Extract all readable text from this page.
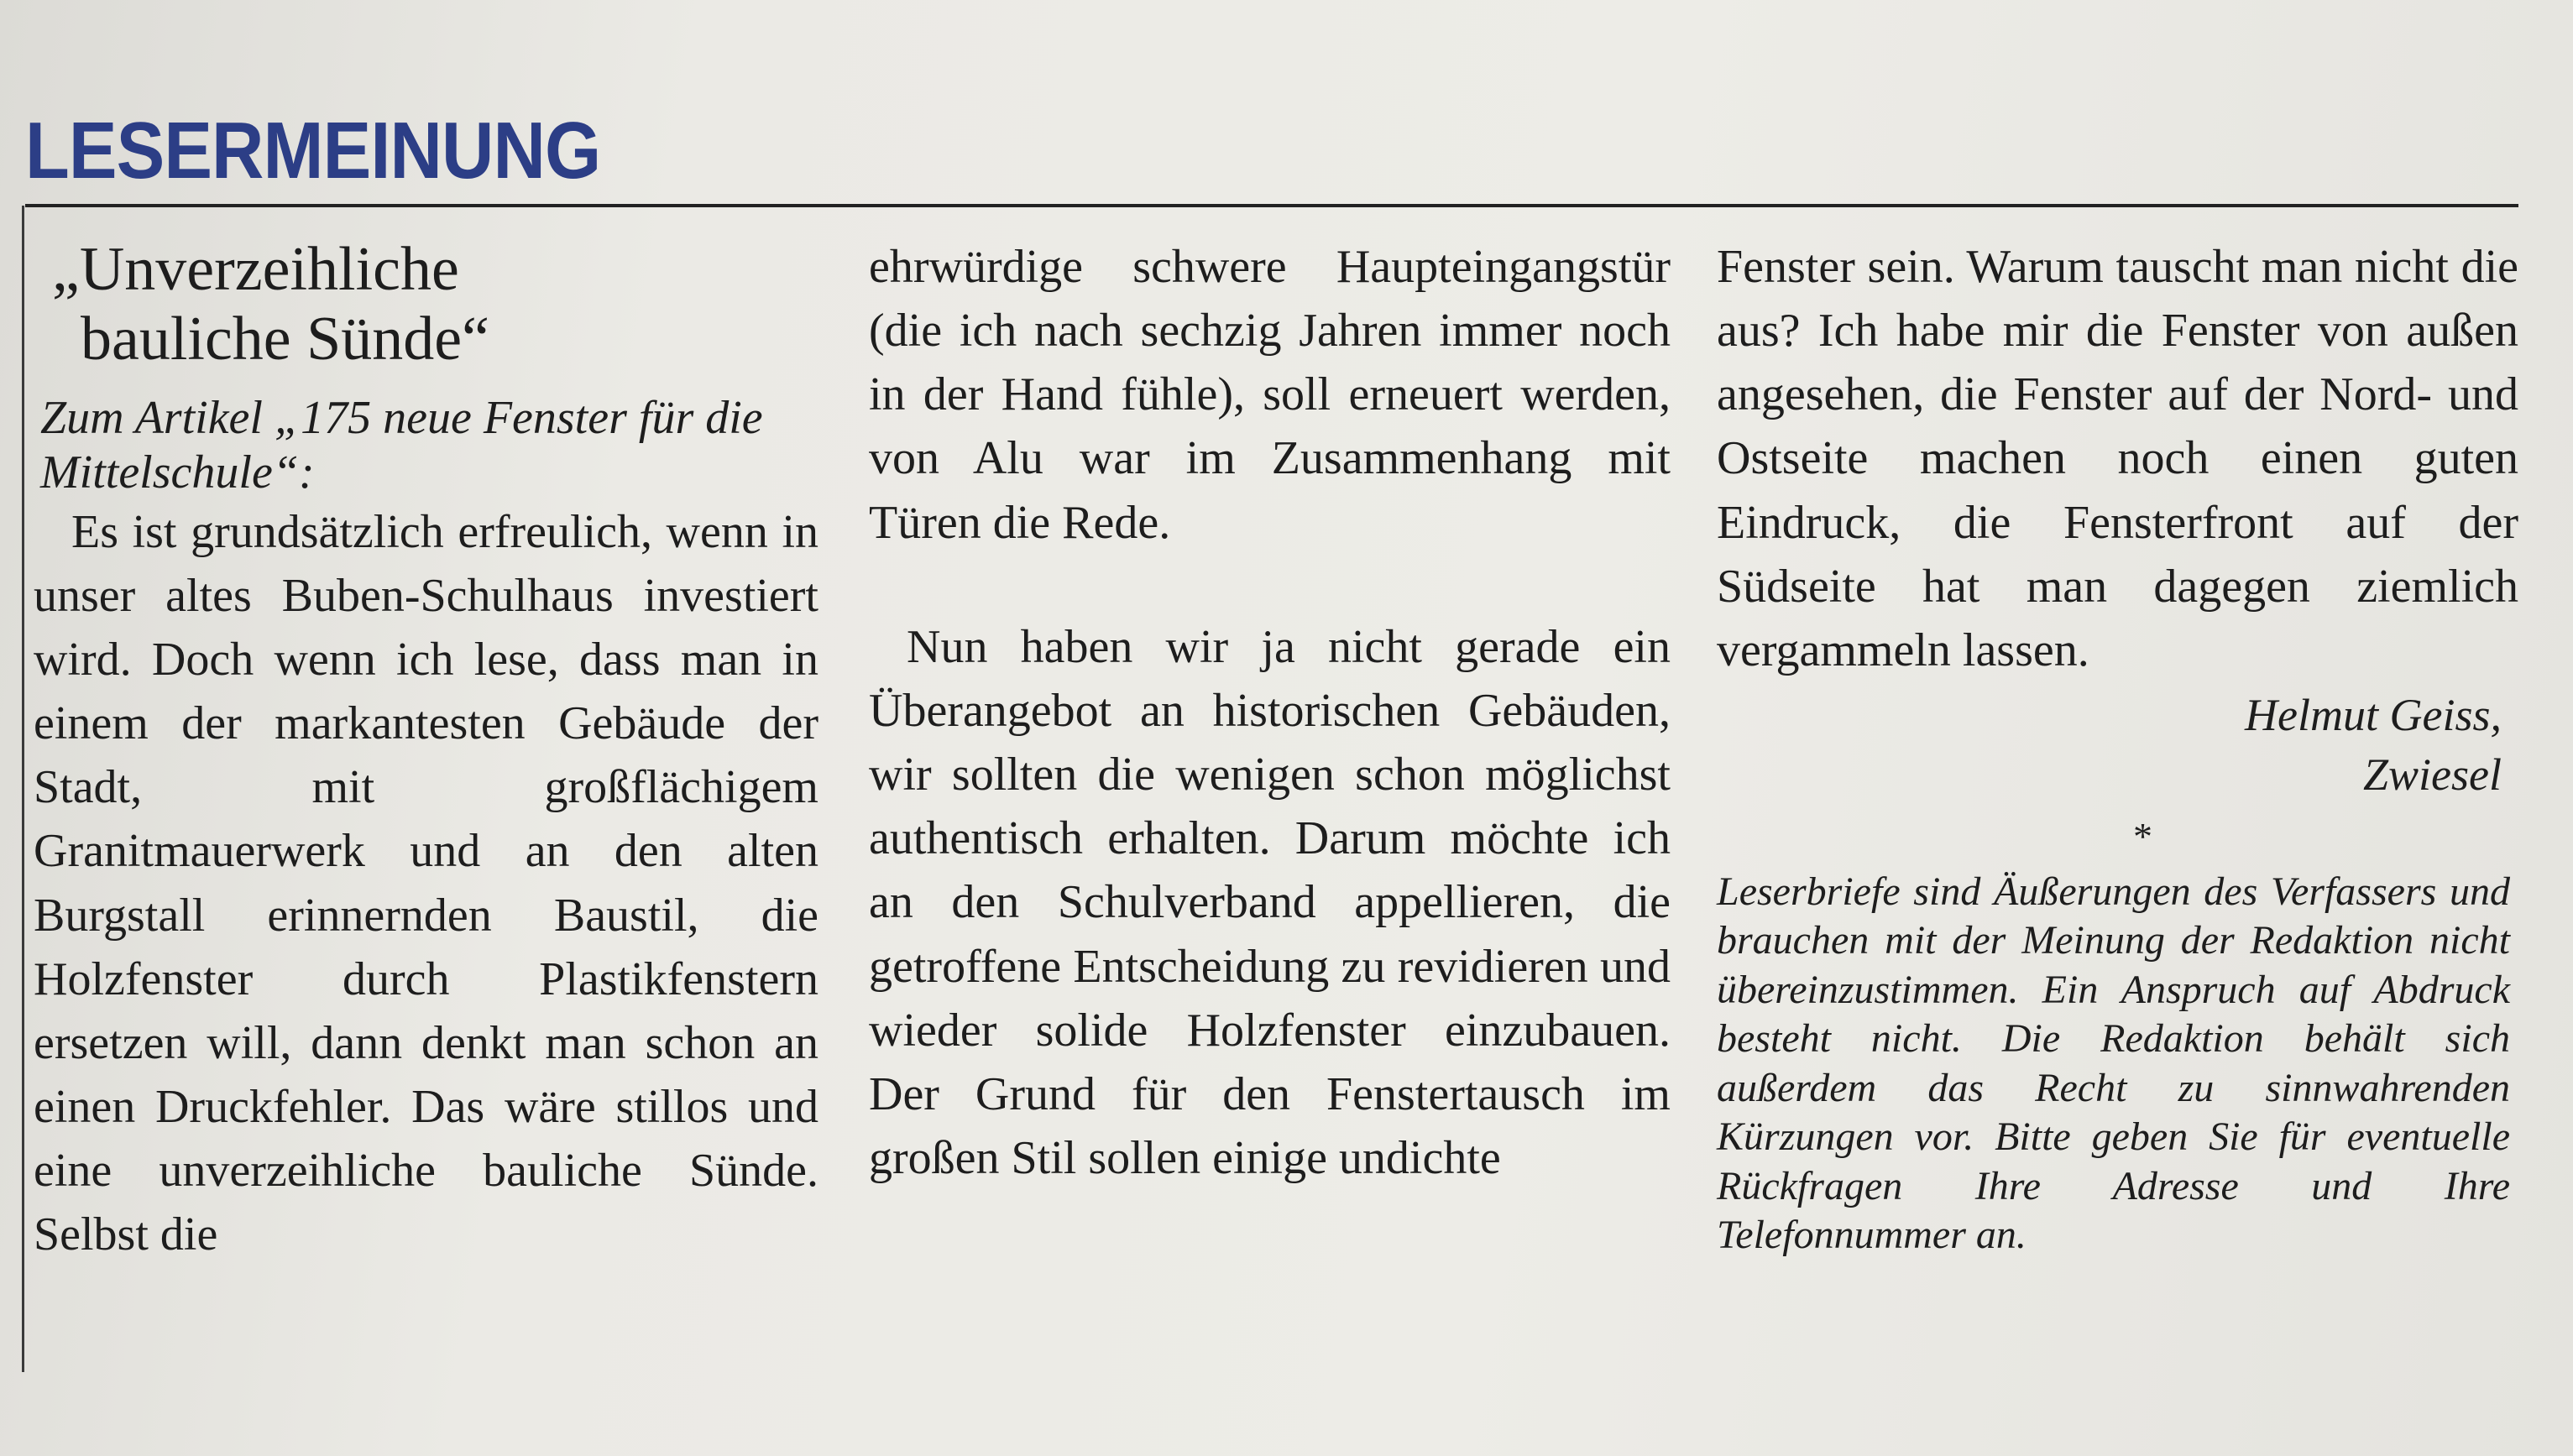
LESERMEINUNG
„Unverzeihliche
bauliche Sünde“

Zum Artikel „175 neue Fenster für die Mittelschule“:

Es ist grundsätzlich erfreulich, wenn in unser altes Buben-Schulhaus investiert wird. Doch wenn ich lese, dass man in einem der markantesten Gebäude der Stadt, mit großflächigem Granitmauerwerk und an den alten Burgstall erinnernden Baustil, die Holzfenster durch Plastikfenstern ersetzen will, dann denkt man schon an einen Druckfehler. Das wäre stillos und eine unverzeihliche bauliche Sünde. Selbst die

ehrwürdige schwere Haupteingangstür (die ich nach sechzig Jahren immer noch in der Hand fühle), soll erneuert werden, von Alu war im Zusammenhang mit Türen die Rede.

Nun haben wir ja nicht gerade ein Überangebot an historischen Gebäuden, wir sollten die wenigen schon möglichst authentisch erhalten. Darum möchte ich an den Schulverband appellieren, die getroffene Entscheidung zu revidieren und wieder solide Holzfenster einzubauen. Der Grund für den Fenstertausch im großen Stil sollen einige undichte

Fenster sein. Warum tauscht man nicht die aus? Ich habe mir die Fenster von außen angesehen, die Fenster auf der Nord- und Ostseite machen noch einen guten Eindruck, die Fensterfront auf der Südseite hat man dagegen ziemlich vergammeln lassen.

Helmut Geiss,
Zwiesel
*

Leserbriefe sind Äußerungen des Verfassers und brauchen mit der Meinung der Redaktion nicht übereinzustimmen. Ein Anspruch auf Abdruck besteht nicht. Die Redaktion behält sich außerdem das Recht zu sinnwahrenden Kürzungen vor. Bitte geben Sie für eventuelle Rückfragen Ihre Adresse und Ihre Telefonnummer an.
